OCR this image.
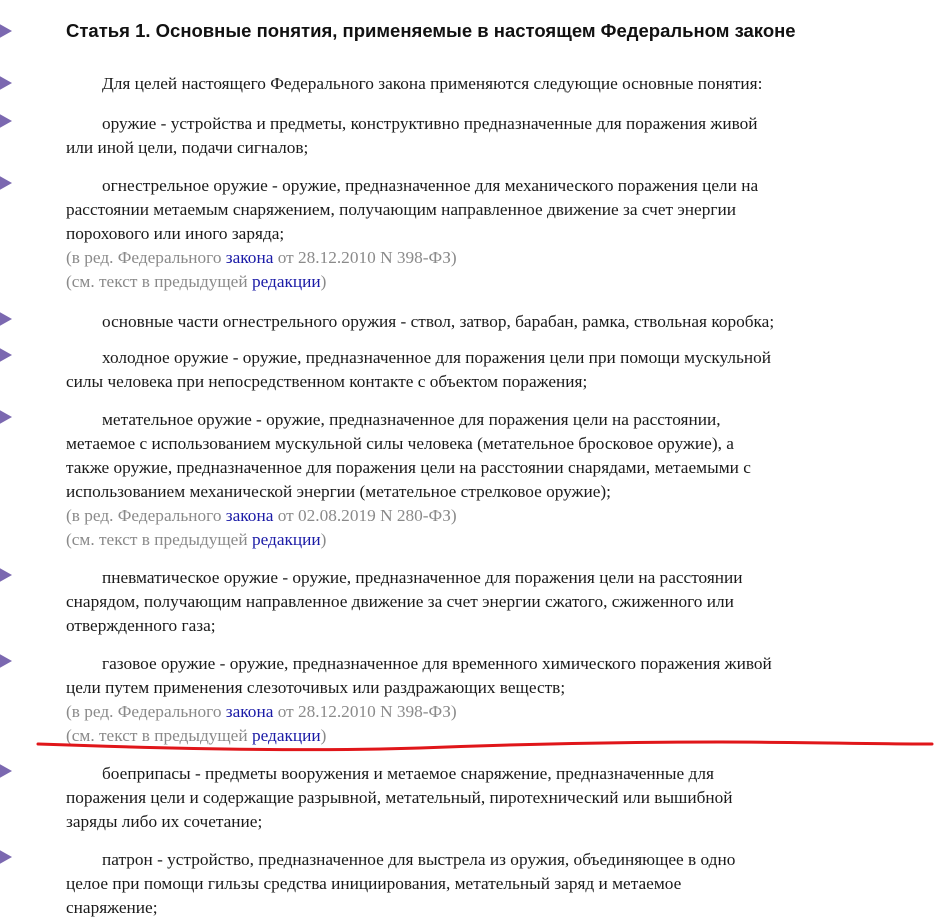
Статья 1. Основные понятия, применяемые в настоящем Федеральном законе

Для целей настоящего Федерального закона применяются следующие основные понятия:

оружие - устройства и предметы, конструктивно предназначенные для поражения живой
или иной цели, подачи сигналов;

огнестрельное оружие - оружие, предназначенное для механического поражения цели на
расстоянии метаемым снаряжением, получающим направленное движение за счет энергии
порохового или иного заряда;

(в ред. Федерального закона от 28.12.2010 N 398-ФЗ)

(см. текст в предыдущей редакции)

основные части огнестрельного оружия - ствол, затвор, барабан, рамка, ствольная коробка;

холодное оружие - оружие, предназначенное для поражения цели при помощи мускульной
силы человека при непосредственном контакте с объектом поражения;

метательное оружие - оружие, предназначенное для поражения цели на расстоянии,
метаемое с использованием мускульной силы человека (метательное бросковое оружие), а
также оружие, предназначенное для поражения цели на расстоянии снарядами, метаемыми с
использованием механической энергии (метательное стрелковое оружие);

(в ред. Федерального закона от 02.08.2019 N 280-ФЗ)

(см. текст в предыдущей редакции)

пневматическое оружие - оружие, предназначенное для поражения цели на расстоянии
снарядом, получающим направленное движение за счет энергии сжатого, сжиженного или
отвержденного газа;

газовое оружие - оружие, предназначенное для временного химического поражения живой
цели путем применения слезоточивых или раздражающих веществ;

(в ред. Федерального закона от 28.12.2010 N 398-ФЗ)

(см. текст в предыдущей редакции)

боеприпасы - предметы вооружения и метаемое снаряжение, предназначенные для
поражения цели и содержащие разрывной, метательный, пиротехнический или вышибной
заряды либо их сочетание;

патрон - устройство, предназначенное для выстрела из оружия, объединяющее в одно
целое при помощи гильзы средства инициирования, метательный заряд и метаемое
снаряжение;
